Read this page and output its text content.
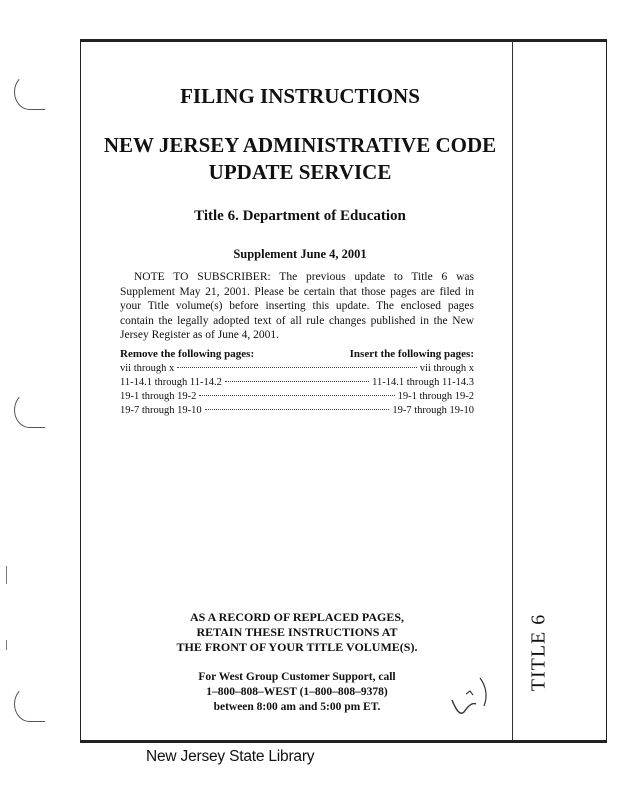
FILING INSTRUCTIONS
NEW JERSEY ADMINISTRATIVE CODE
UPDATE SERVICE
Title 6. Department of Education
Supplement June 4, 2001
NOTE TO SUBSCRIBER: The previous update to Title 6 was Supplement May 21, 2001. Please be certain that those pages are filed in your Title volume(s) before inserting this update. The enclosed pages contain the legally adopted text of all rule changes published in the New Jersey Register as of June 4, 2001.
Remove the following pages:	Insert the following pages:
vii through x	vii through x
11-14.1 through 11-14.2	11-14.1 through 11-14.3
19-1 through 19-2	19-1 through 19-2
19-7 through 19-10	19-7 through 19-10
AS A RECORD OF REPLACED PAGES,
RETAIN THESE INSTRUCTIONS AT
THE FRONT OF YOUR TITLE VOLUME(S).
For West Group Customer Support, call
1–800–808–WEST (1–800–808–9378)
between 8:00 am and 5:00 pm ET.
TITLE 6
New Jersey State Library
